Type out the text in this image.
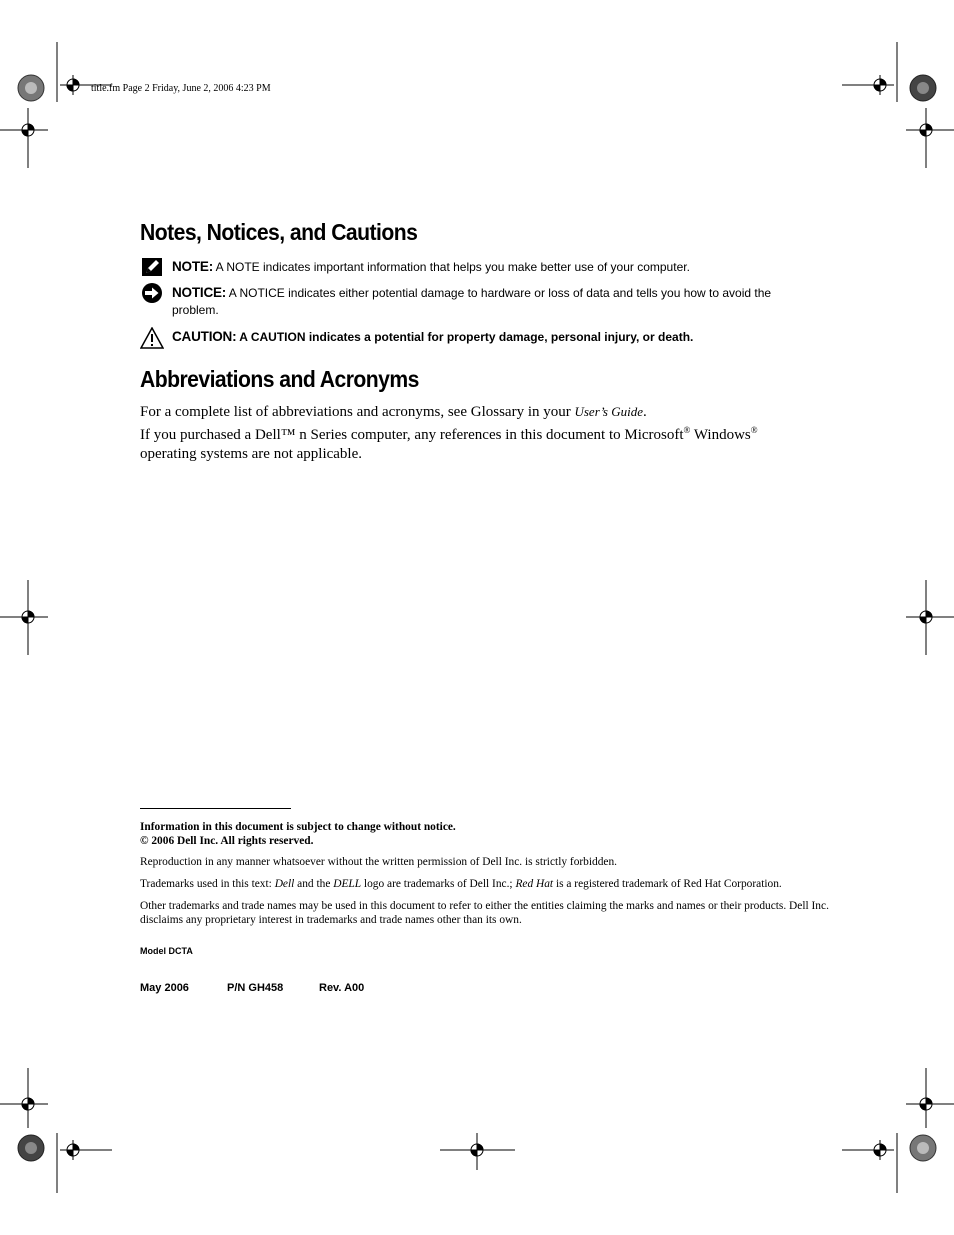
title.fm Page 2 Friday, June 2, 2006 4:23 PM
Notes, Notices, and Cautions
NOTE: A NOTE indicates important information that helps you make better use of your computer.
NOTICE: A NOTICE indicates either potential damage to hardware or loss of data and tells you how to avoid the problem.
CAUTION: A CAUTION indicates a potential for property damage, personal injury, or death.
Abbreviations and Acronyms

For a complete list of abbreviations and acronyms, see Glossary in your User’s Guide.

If you purchased a Dell™ n Series computer, any references in this document to Microsoft® Windows® operating systems are not applicable.

Information in this document is subject to change without notice.
© 2006 Dell Inc. All rights reserved.
Reproduction in any manner whatsoever without the written permission of Dell Inc. is strictly forbidden.
Trademarks used in this text: Dell and the DELL logo are trademarks of Dell Inc.; Red Hat is a registered trademark of Red Hat Corporation.
Other trademarks and trade names may be used in this document to refer to either the entities claiming the marks and names or their products. Dell Inc. disclaims any proprietary interest in trademarks and trade names other than its own.
Model DCTA
May 2006	P/N GH458	Rev. A00
